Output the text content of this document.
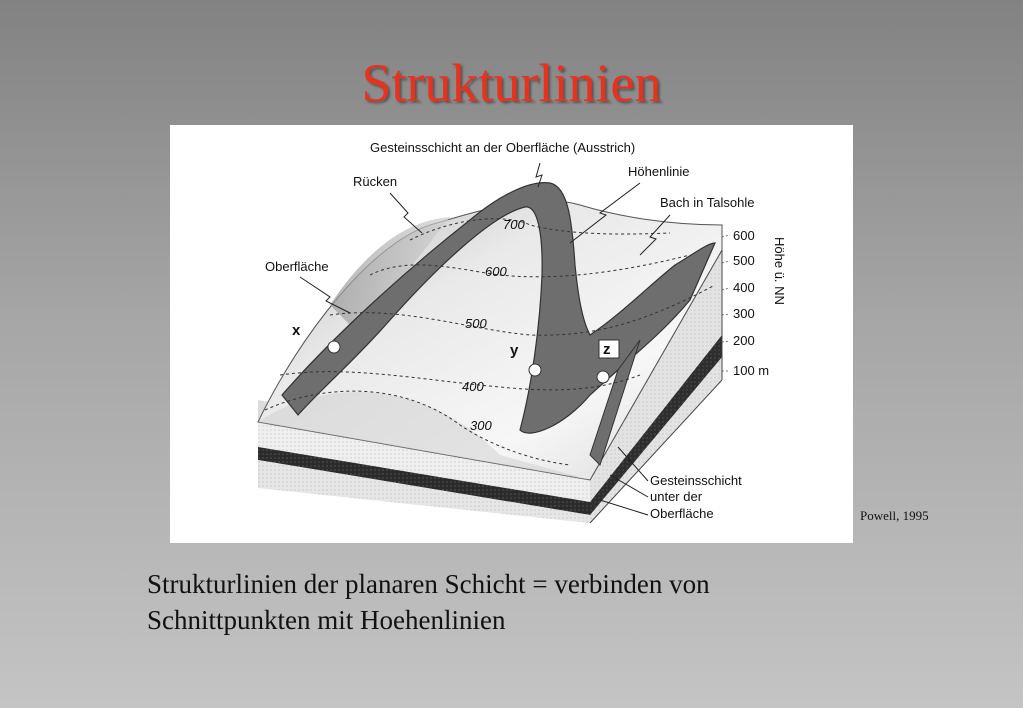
Strukturlinien
x
y	z
700
600
500
400
300
600
500
400
300
200
100 m
Höhe ü. NN
Gesteinsschicht an der Oberfläche (Ausstrich)
Rücken
Höhenlinie
Bach in Talsohle
Oberfläche
Gesteinsschicht
unter der
Oberfläche	Powell, 1995
Strukturlinien der planaren Schicht = verbinden von
Schnittpunkten mit Hoehenlinien
